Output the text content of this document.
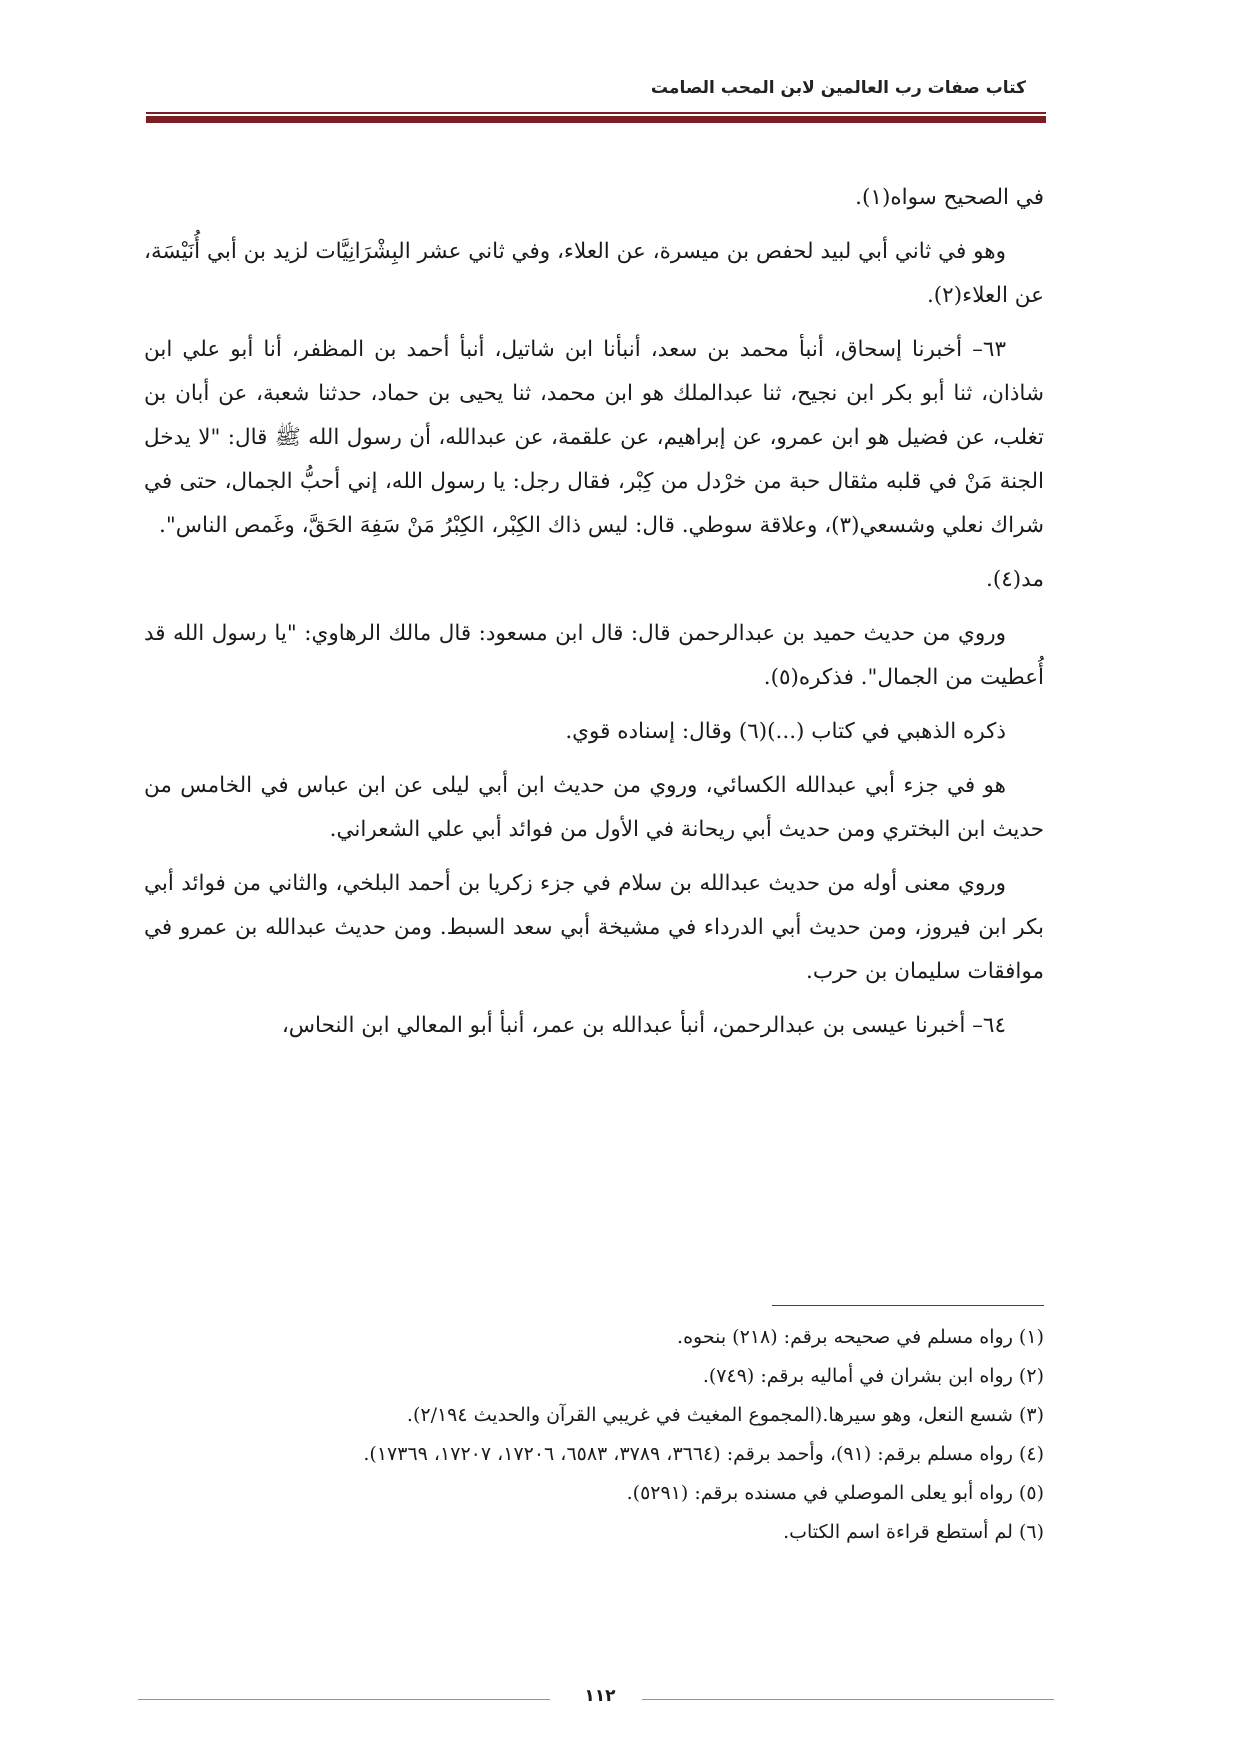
كتاب صفات رب العالمين لابن المحب الصامت

في الصحيح سواه(١).

وهو في ثاني أبي لبيد لحفص بن ميسرة، عن العلاء، وفي ثاني عشر البِشْرَانِيَّات لزيد بن أبي أُنَيْسَة، عن العلاء(٢).

٦٣– أخبرنا إسحاق، أنبأ محمد بن سعد، أنبأنا ابن شاتيل، أنبأ أحمد بن المظفر، أنا أبو علي ابن شاذان، ثنا أبو بكر ابن نجيح، ثنا عبدالملك هو ابن محمد، ثنا يحيى بن حماد، حدثنا شعبة، عن أبان بن تغلب، عن فضيل هو ابن عمرو، عن إبراهيم، عن علقمة، عن عبدالله، أن رسول الله ﷺ قال: "لا يدخل الجنة مَنْ في قلبه مثقال حبة من خرْدل من كِبْر، فقال رجل: يا رسول الله، إني أحبُّ الجمال، حتى في شراك نعلي وشسعي(٣)، وعلاقة سوطي. قال: ليس ذاك الكِبْر، الكِبْرُ مَنْ سَفِهَ الحَقَّ، وغَمص الناس".

مد(٤).

وروي من حديث حميد بن عبدالرحمن قال: قال ابن مسعود: قال مالك الرهاوي: "يا رسول الله قد أُعطيت من الجمال". فذكره(٥).

ذكره الذهبي في كتاب (...)(٦) وقال: إسناده قوي.

هو في جزء أبي عبدالله الكسائي، وروي من حديث ابن أبي ليلى عن ابن عباس في الخامس من حديث ابن البختري ومن حديث أبي ريحانة في الأول من فوائد أبي علي الشعراني.

وروي معنى أوله من حديث عبدالله بن سلام في جزء زكريا بن أحمد البلخي، والثاني من فوائد أبي بكر ابن فيروز، ومن حديث أبي الدرداء في مشيخة أبي سعد السبط. ومن حديث عبدالله بن عمرو في موافقات سليمان بن حرب.

٦٤– أخبرنا عيسى بن عبدالرحمن، أنبأ عبدالله بن عمر، أنبأ أبو المعالي ابن النحاس،

(١) رواه مسلم في صحيحه برقم: (٢١٨) بنحوه.
(٢) رواه ابن بشران في أماليه برقم: (٧٤٩).
(٣) شسع النعل، وهو سيرها.(المجموع المغيث في غريبي القرآن والحديث ٢/١٩٤).
(٤) رواه مسلم برقم: (٩١)، وأحمد برقم: (٣٦٦٤، ٣٧٨٩، ٦٥٨٣، ١٧٢٠٦، ١٧٢٠٧، ١٧٣٦٩).
(٥) رواه أبو يعلى الموصلي في مسنده برقم: (٥٢٩١).
(٦) لم أستطع قراءة اسم الكتاب.
١١٢
